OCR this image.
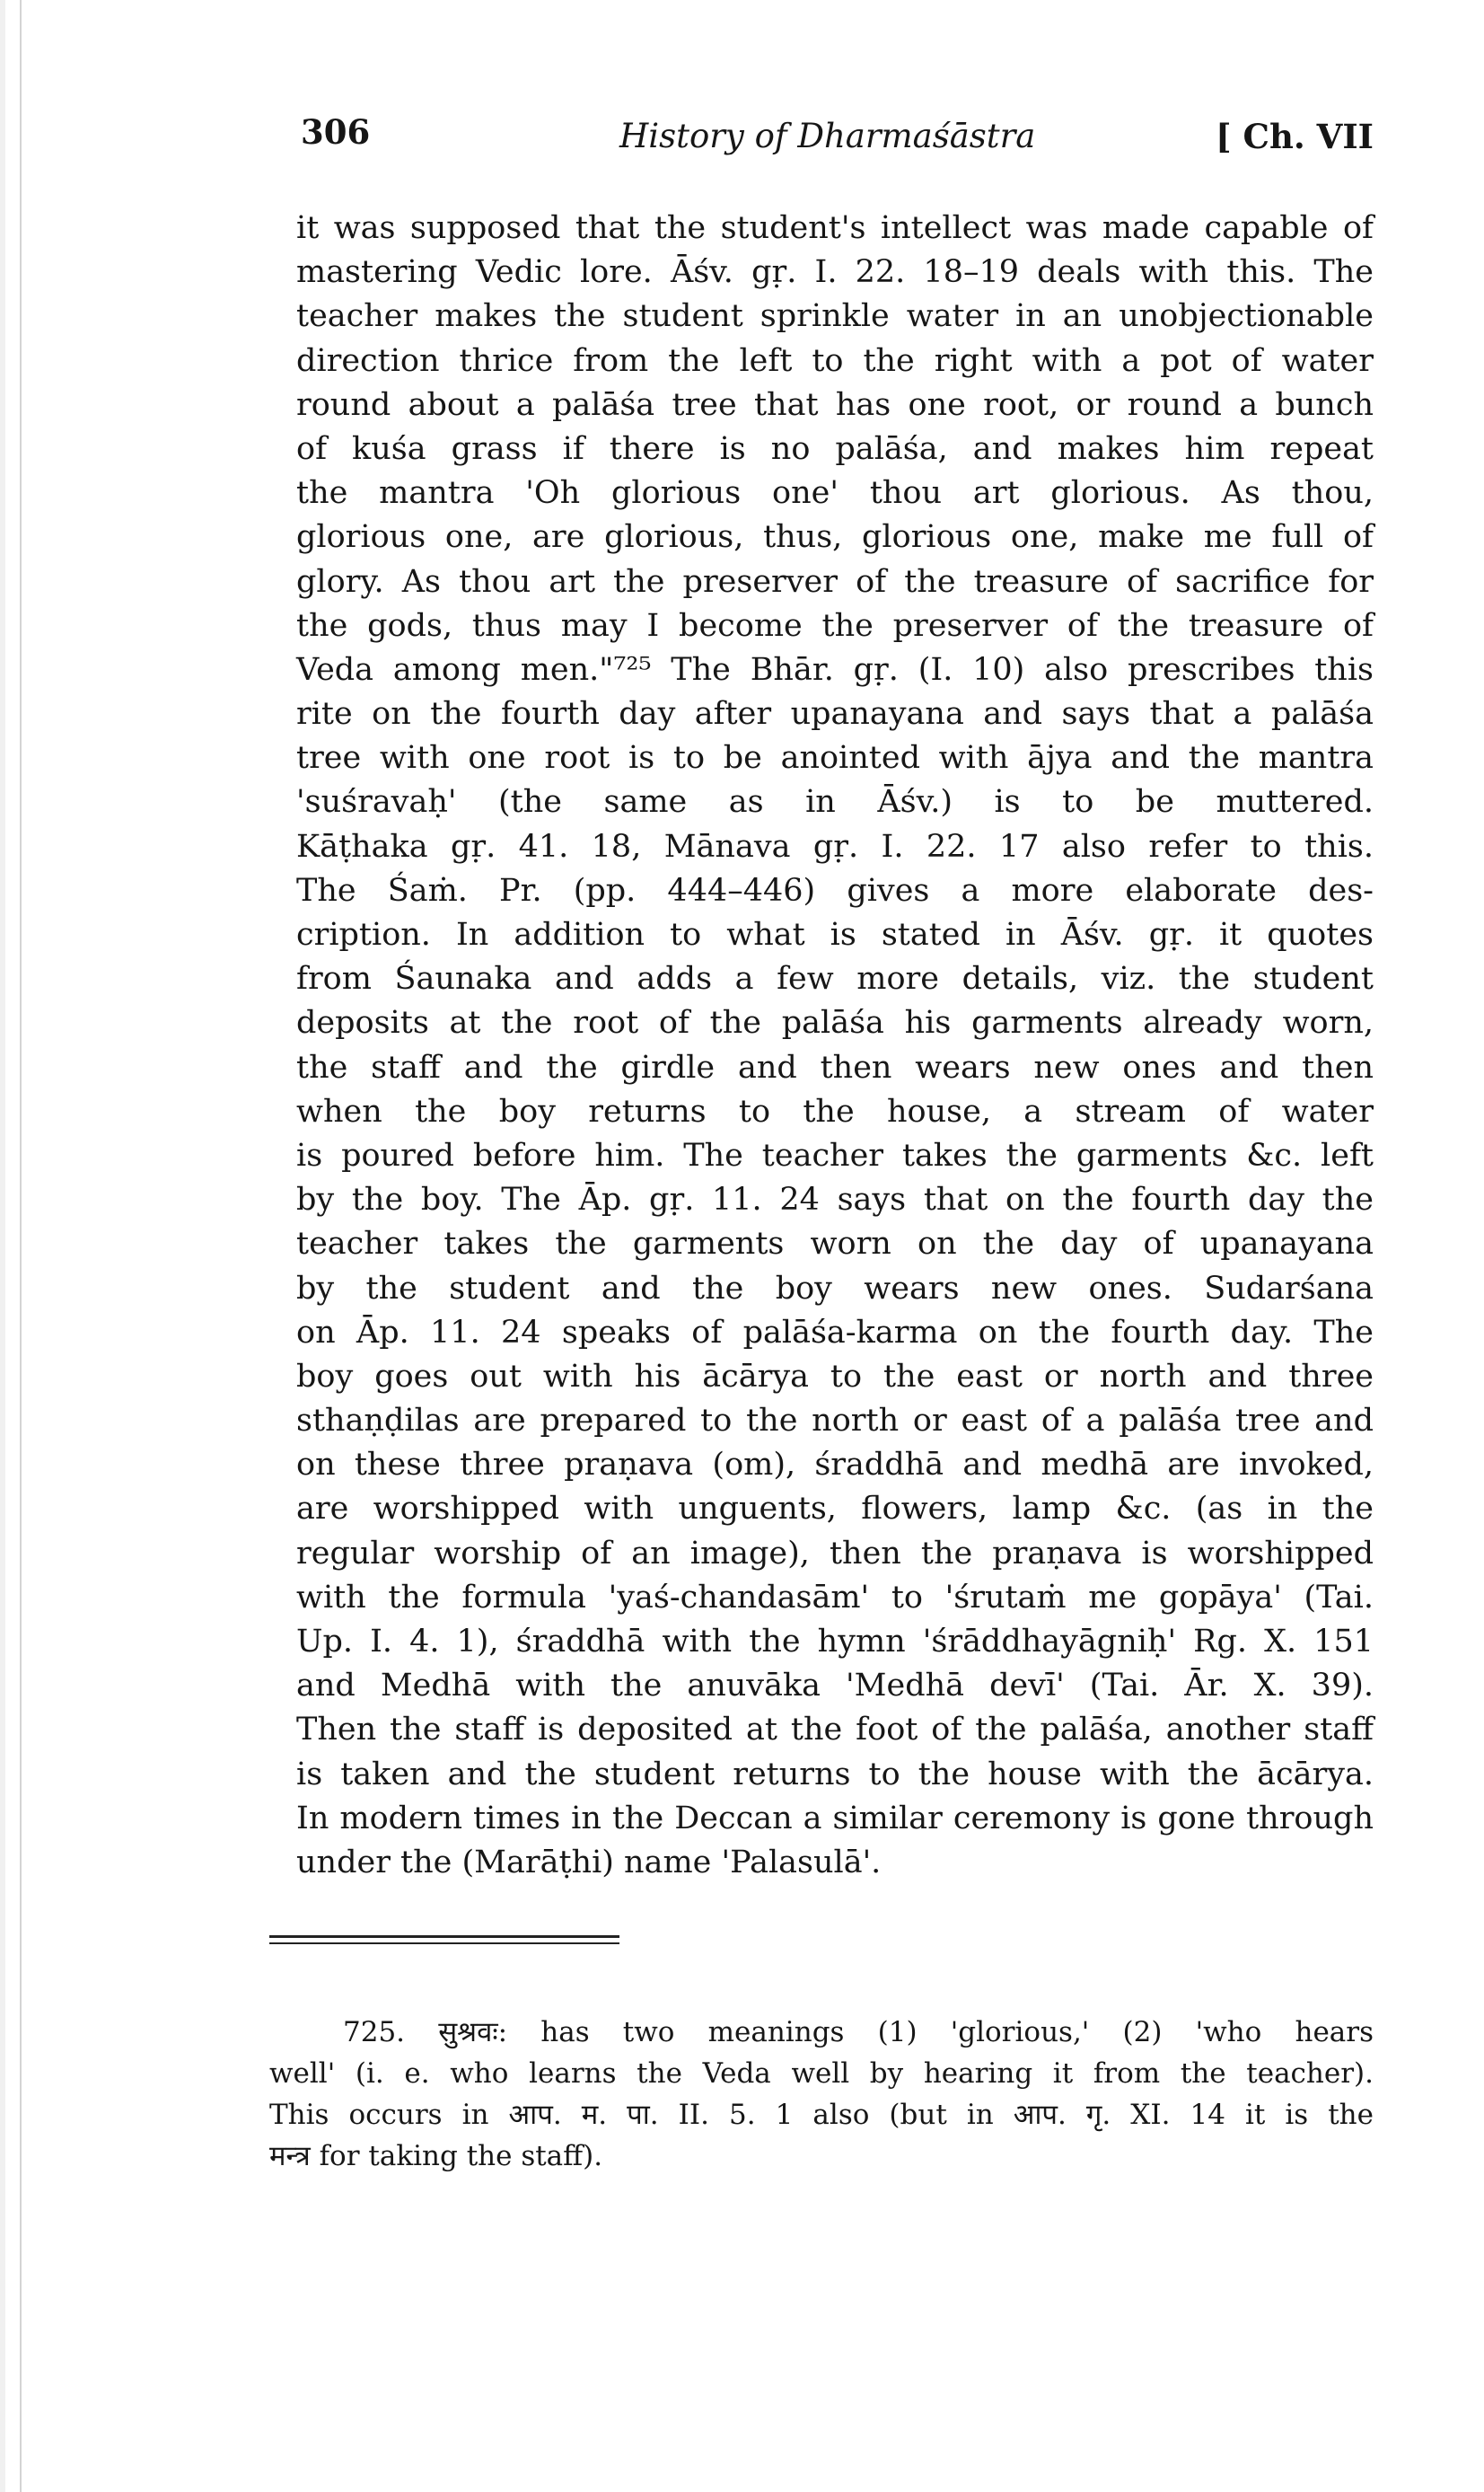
306	History of Dharmaśāstra	[ Ch. VII
it was supposed that the student's intellect was made capable of
mastering Vedic lore. Āśv. gṛ. I. 22. 18–19 deals with this. The
teacher makes the student sprinkle water in an unobjectionable
direction thrice from the left to the right with a pot of water
round about a palāśa tree that has one root, or round a bunch
of kuśa grass if there is no palāśa, and makes him repeat
the mantra 'Oh glorious one' thou art glorious. As thou,
glorious one, are glorious, thus, glorious one, make me full of
glory. As thou art the preserver of the treasure of sacrifice for
the gods, thus may I become the preserver of the treasure of
Veda among men."⁷²⁵ The Bhār. gṛ. (I. 10) also prescribes this
rite on the fourth day after upanayana and says that a palāśa
tree with one root is to be anointed with ājya and the mantra
'suśravaḥ' (the same as in Āśv.) is to be muttered.
Kāṭhaka gṛ. 41. 18, Mānava gṛ. I. 22. 17 also refer to this.
The Śaṁ. Pr. (pp. 444–446) gives a more elaborate des-
cription. In addition to what is stated in Āśv. gṛ. it quotes
from Śaunaka and adds a few more details, viz. the student
deposits at the root of the palāśa his garments already worn,
the staff and the girdle and then wears new ones and then
when the boy returns to the house, a stream of water
is poured before him. The teacher takes the garments &c. left
by the boy. The Āp. gṛ. 11. 24 says that on the fourth day the
teacher takes the garments worn on the day of upanayana
by the student and the boy wears new ones. Sudarśana
on Āp. 11. 24 speaks of palāśa-karma on the fourth day. The
boy goes out with his ācārya to the east or north and three
sthaṇḍilas are prepared to the north or east of a palāśa tree and
on these three praṇava (om), śraddhā and medhā are invoked,
are worshipped with unguents, flowers, lamp &c. (as in the
regular worship of an image), then the praṇava is worshipped
with the formula 'yaś-chandasām' to 'śrutaṁ me gopāya' (Tai.
Up. I. 4. 1), śraddhā with the hymn 'śrāddhayāgniḥ' Rg. X. 151
and Medhā with the anuvāka 'Medhā devī' (Tai. Ār. X. 39).
Then the staff is deposited at the foot of the palāśa, another staff
is taken and the student returns to the house with the ācārya.
In modern times in the Deccan a similar ceremony is gone through
under the (Marāṭhi) name 'Palasulā'.
725. सुश्रवः: has two meanings (1) 'glorious,' (2) 'who hears
well' (i. e. who learns the Veda well by hearing it from the teacher).
This occurs in आप. म. पा. II. 5. 1 also (but in आप. गृ. XI. 14 it is the
मन्त्र for taking the staff).
